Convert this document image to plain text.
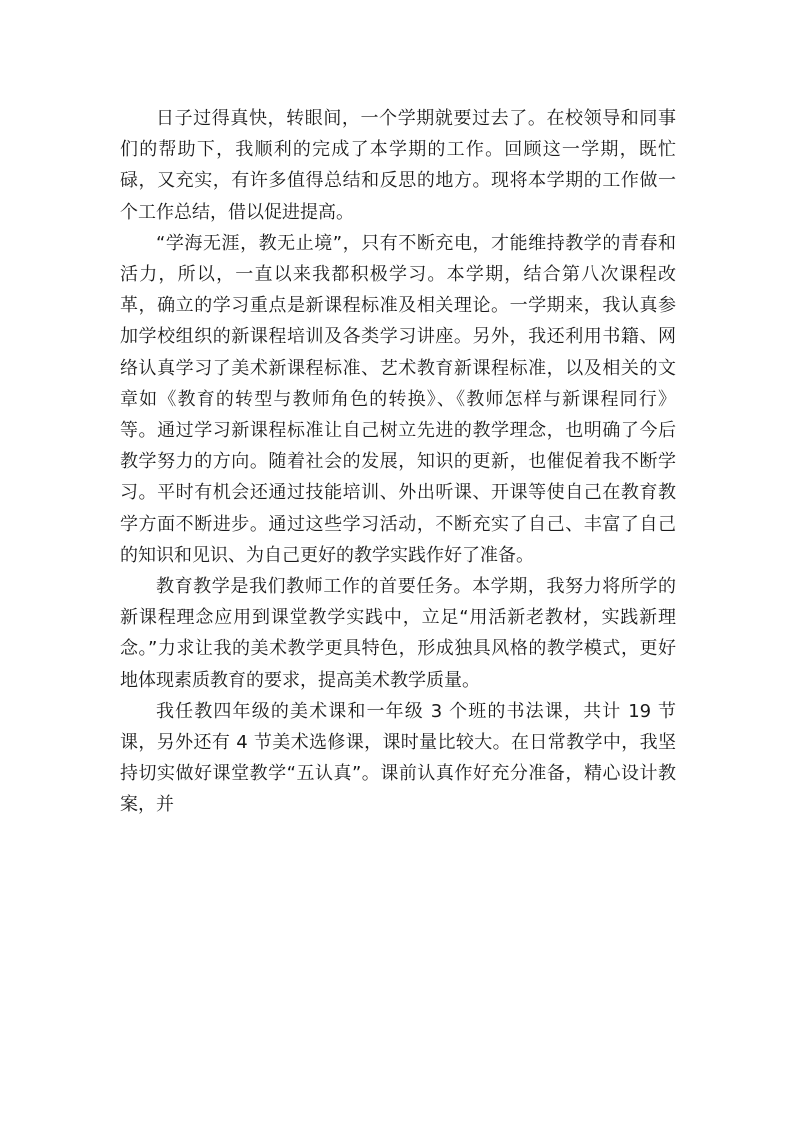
日子过得真快，转眼间，一个学期就要过去了。在校领导和同事们的帮助下，我顺利的完成了本学期的工作。回顾这一学期，既忙碌，又充实，有许多值得总结和反思的地方。现将本学期的工作做一个工作总结，借以促进提高。

“学海无涯，教无止境”，只有不断充电，才能维持教学的青春和活力，所以，一直以来我都积极学习。本学期，结合第八次课程改革，确立的学习重点是新课程标准及相关理论。一学期来，我认真参加学校组织的新课程培训及各类学习讲座。另外，我还利用书籍、网络认真学习了美术新课程标准、艺术教育新课程标准，以及相关的文章如《教育的转型与教师角色的转换》、《教师怎样与新课程同行》等。通过学习新课程标准让自己树立先进的教学理念，也明确了今后教学努力的方向。随着社会的发展，知识的更新，也催促着我不断学习。平时有机会还通过技能培训、外出听课、开课等使自己在教育教学方面不断进步。通过这些学习活动，不断充实了自己、丰富了自己的知识和见识、为自己更好的教学实践作好了准备。

教育教学是我们教师工作的首要任务。本学期，我努力将所学的新课程理念应用到课堂教学实践中，立足“用活新老教材，实践新理念。”力求让我的美术教学更具特色，形成独具风格的教学模式，更好地体现素质教育的要求，提高美术教学质量。

我任教四年级的美术课和一年级 3 个班的书法课，共计 19 节课，另外还有 4 节美术选修课，课时量比较大。在日常教学中，我坚持切实做好课堂教学“五认真”。课前认真作好充分准备，精心设计教案，并
